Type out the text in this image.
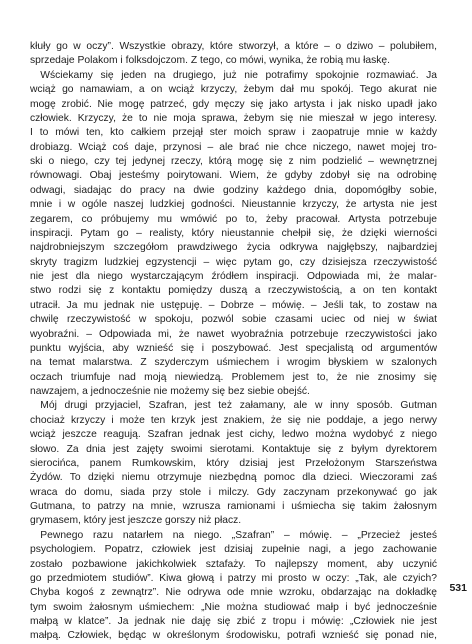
kłuły go w oczy”. Wszystkie obrazy, które stworzył, a które – o dziwo – polubiłem,
sprzedaje Polakom i folksdojczom. Z tego, co mówi, wynika, że robią mu łaskę.
 Wściekamy się jeden na drugiego, już nie potrafimy spokojnie rozmawiać. Ja
wciąż go namawiam, a on wciąż krzyczy, żebym dał mu spokój. Tego akurat nie
mogę zrobić. Nie mogę patrzeć, gdy męczy się jako artysta i jak nisko upadł jako
człowiek. Krzyczy, że to nie moja sprawa, żebym się nie mieszał w jego interesy.
I to mówi ten, kto całkiem przejął ster moich spraw i zaopatruje mnie w każdy
drobiazg. Wciąż coś daje, przynosi – ale brać nie chce niczego, nawet mojej tro-
ski o niego, czy tej jedynej rzeczy, którą mogę się z nim podzielić – wewnętrznej
równowagi. Obaj jesteśmy poirytowani. Wiem, że gdyby zdobył się na odrobinę
odwagi, siadając do pracy na dwie godziny każdego dnia, dopomógłby sobie,
mnie i w ogóle naszej ludzkiej godności. Nieustannie krzyczy, że artysta nie jest
zegarem, co próbujemy mu wmówić po to, żeby pracował. Artysta potrzebuje
inspiracji. Pytam go – realisty, który nieustannie chełpił się, że dzięki wierności
najdrobniejszym szczegółom prawdziwego życia odkrywa najgłębszy, najbardziej
skryty tragizm ludzkiej egzystencji – więc pytam go, czy dzisiejsza rzeczywistość
nie jest dla niego wystarczającym źródłem inspiracji. Odpowiada mi, że malar-
stwo rodzi się z kontaktu pomiędzy duszą a rzeczywistością, a on ten kontakt
utracił. Ja mu jednak nie ustępuję. – Dobrze – mówię. – Jeśli tak, to zostaw na
chwilę rzeczywistość w spokoju, pozwól sobie czasami uciec od niej w świat
wyobraźni. – Odpowiada mi, że nawet wyobraźnia potrzebuje rzeczywistości jako
punktu wyjścia, aby wznieść się i poszybować. Jest specjalistą od argumentów
na temat malarstwa. Z szyderczym uśmiechem i wrogim błyskiem w szalonych
oczach triumfuje nad moją niewiedzą. Problemem jest to, że nie znosimy się
nawzajem, a jednocześnie nie możemy się bez siebie obejść.
 Mój drugi przyjaciel, Szafran, jest też załamany, ale w inny sposób. Gutman
chociaż krzyczy i może ten krzyk jest znakiem, że się nie poddaje, a jego nerwy
wciąż jeszcze reagują. Szafran jednak jest cichy, ledwo można wydobyć z niego
słowo. Za dnia jest zajęty swoimi sierotami. Kontaktuje się z byłym dyrektorem
sierocińca, panem Rumkowskim, który dzisiaj jest Przełożonym Starszeństwa
Żydów. To dzięki niemu otrzymuje niezbędną pomoc dla dzieci. Wieczorami zaś
wraca do domu, siada przy stole i milczy. Gdy zaczynam przekonywać go jak
Gutmana, to patrzy na mnie, wzrusza ramionami i uśmiecha się takim żałosnym
grymasem, który jest jeszcze gorszy niż płacz.
 Pewnego razu natarłem na niego. „Szafran” – mówię. – „Przecież jesteś
psychologiem. Popatrz, człowiek jest dzisiaj zupełnie nagi, a jego zachowanie
zostało pozbawione jakichkolwiek sztafaży. To najlepszy moment, aby uczynić
go przedmiotem studiów”. Kiwa głową i patrzy mi prosto w oczy: „Tak, ale czyich?
Chyba kogoś z zewnątrz”. Nie odrywa ode mnie wzroku, obdarzając na dokładkę
tym swoim żałosnym uśmiechem: „Nie można studiować małp i być jednocześnie
małpą w klatce”. Ja jednak nie daję się zbić z tropu i mówię: „Człowiek nie jest
małpą. Człowiek, będąc w określonym środowisku, potrafi wznieść się ponad nie,
531
